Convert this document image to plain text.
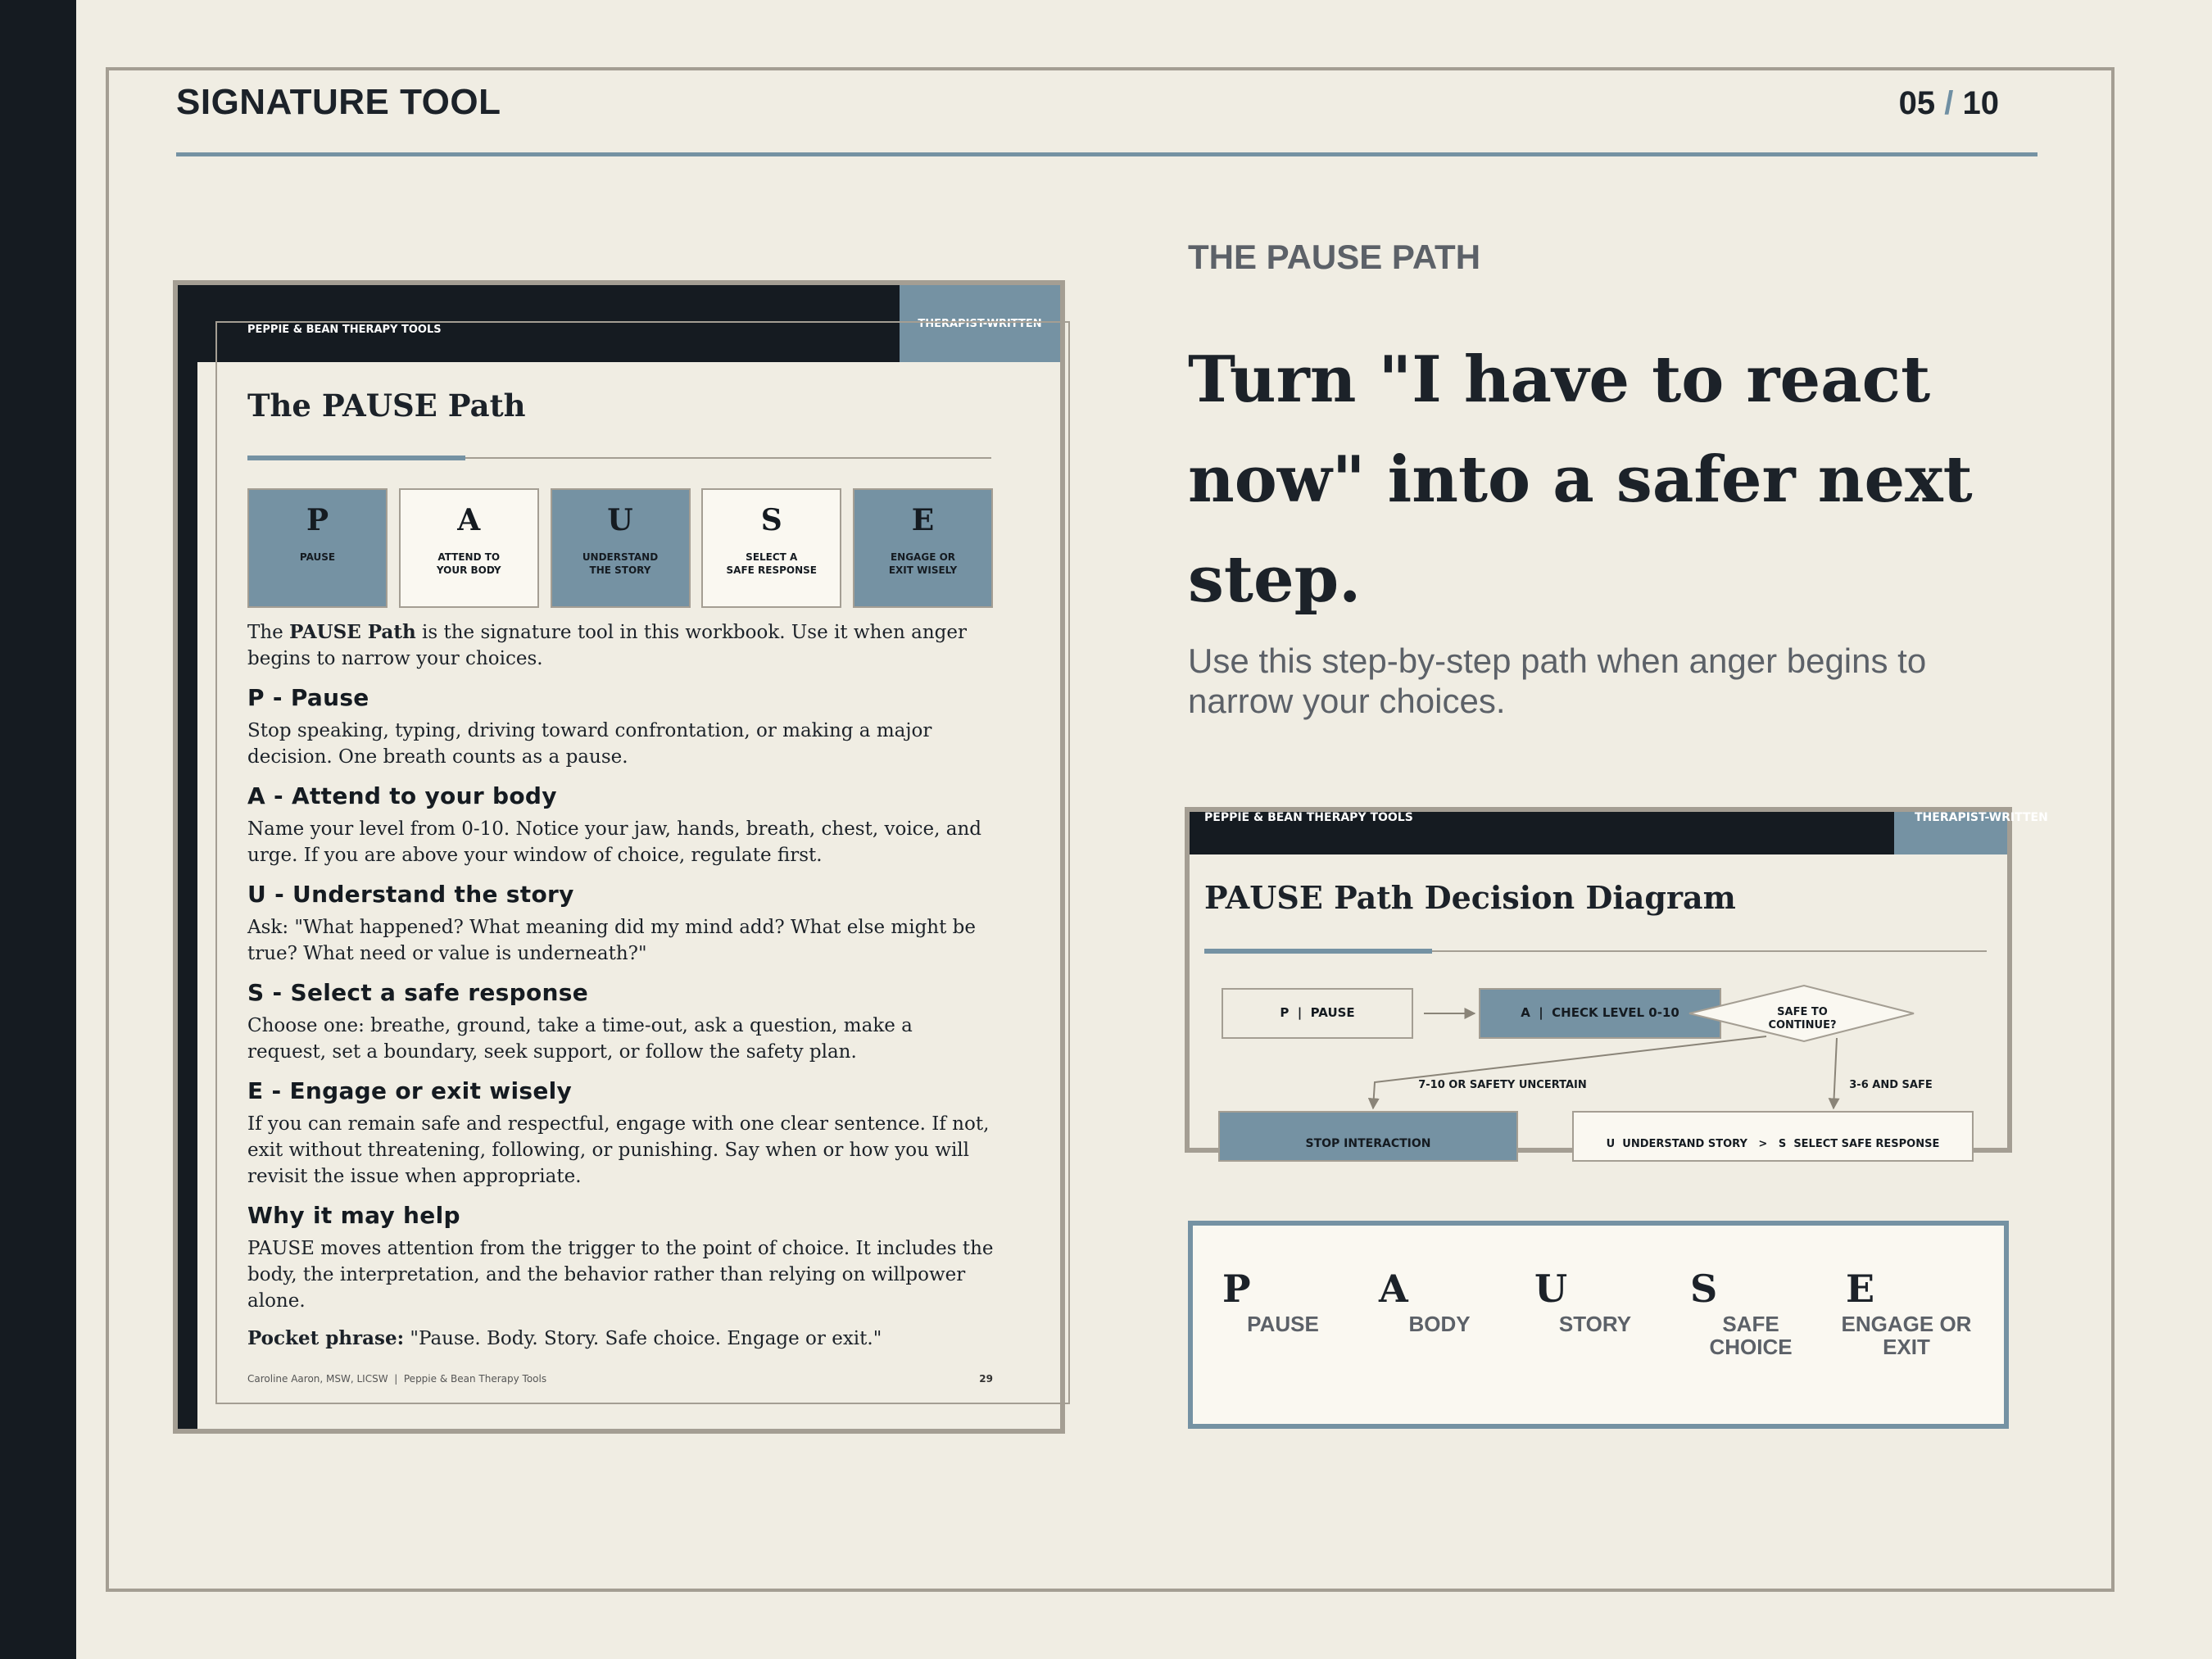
SIGNATURE TOOL	05 / 10
THERAPIST-WRITTEN
PEPPIE & BEAN THERAPY TOOLS
The PAUSE Path
P
PAUSE
A
ATTEND TO
YOUR BODY
U
UNDERSTAND
THE STORY
S
SELECT A
SAFE RESPONSE
E
ENGAGE OR
EXIT WISELY

The PAUSE Path is the signature tool in this workbook. Use it when anger begins to narrow your choices.

P - Pause

Stop speaking, typing, driving toward confrontation, or making a major decision. One breath counts as a pause.

A - Attend to your body

Name your level from 0-10. Notice your jaw, hands, breath, chest, voice, and urge. If you are above your window of choice, regulate first.

U - Understand the story

Ask: "What happened? What meaning did my mind add? What else might be true? What need or value is underneath?"

S - Select a safe response

Choose one: breathe, ground, take a time-out, ask a question, make a request, set a boundary, seek support, or follow the safety plan.

E - Engage or exit wisely

If you can remain safe and respectful, engage with one clear sentence. If not, exit without threatening, following, or punishing. Say when or how you will revisit the issue when appropriate.

Why it may help

PAUSE moves attention from the trigger to the point of choice. It includes the body, the interpretation, and the behavior rather than relying on willpower alone.

Pocket phrase: "Pause. Body. Story. Safe choice. Engage or exit."

Caroline Aaron, MSW, LICSW  |  Peppie & Bean Therapy Tools	29
THE PAUSE PATH
Turn "I have to react now" into a safer next step.
Use this step-by-step path when anger begins to narrow your choices.
THERAPIST-WRITTEN
PEPPIE & BEAN THERAPY TOOLS
PAUSE Path Decision Diagram
P  |  PAUSE	A  |  CHECK LEVEL 0-10	SAFE TO
CONTINUE?
7-10 OR SAFETY UNCERTAIN	3-6 AND SAFE
STOP INTERACTION	U  UNDERSTAND STORY   >   S  SELECT SAFE RESPONSE
P
PAUSE
A
BODY
U
STORY
S
SAFE
CHOICE
E
ENGAGE OR
EXIT
